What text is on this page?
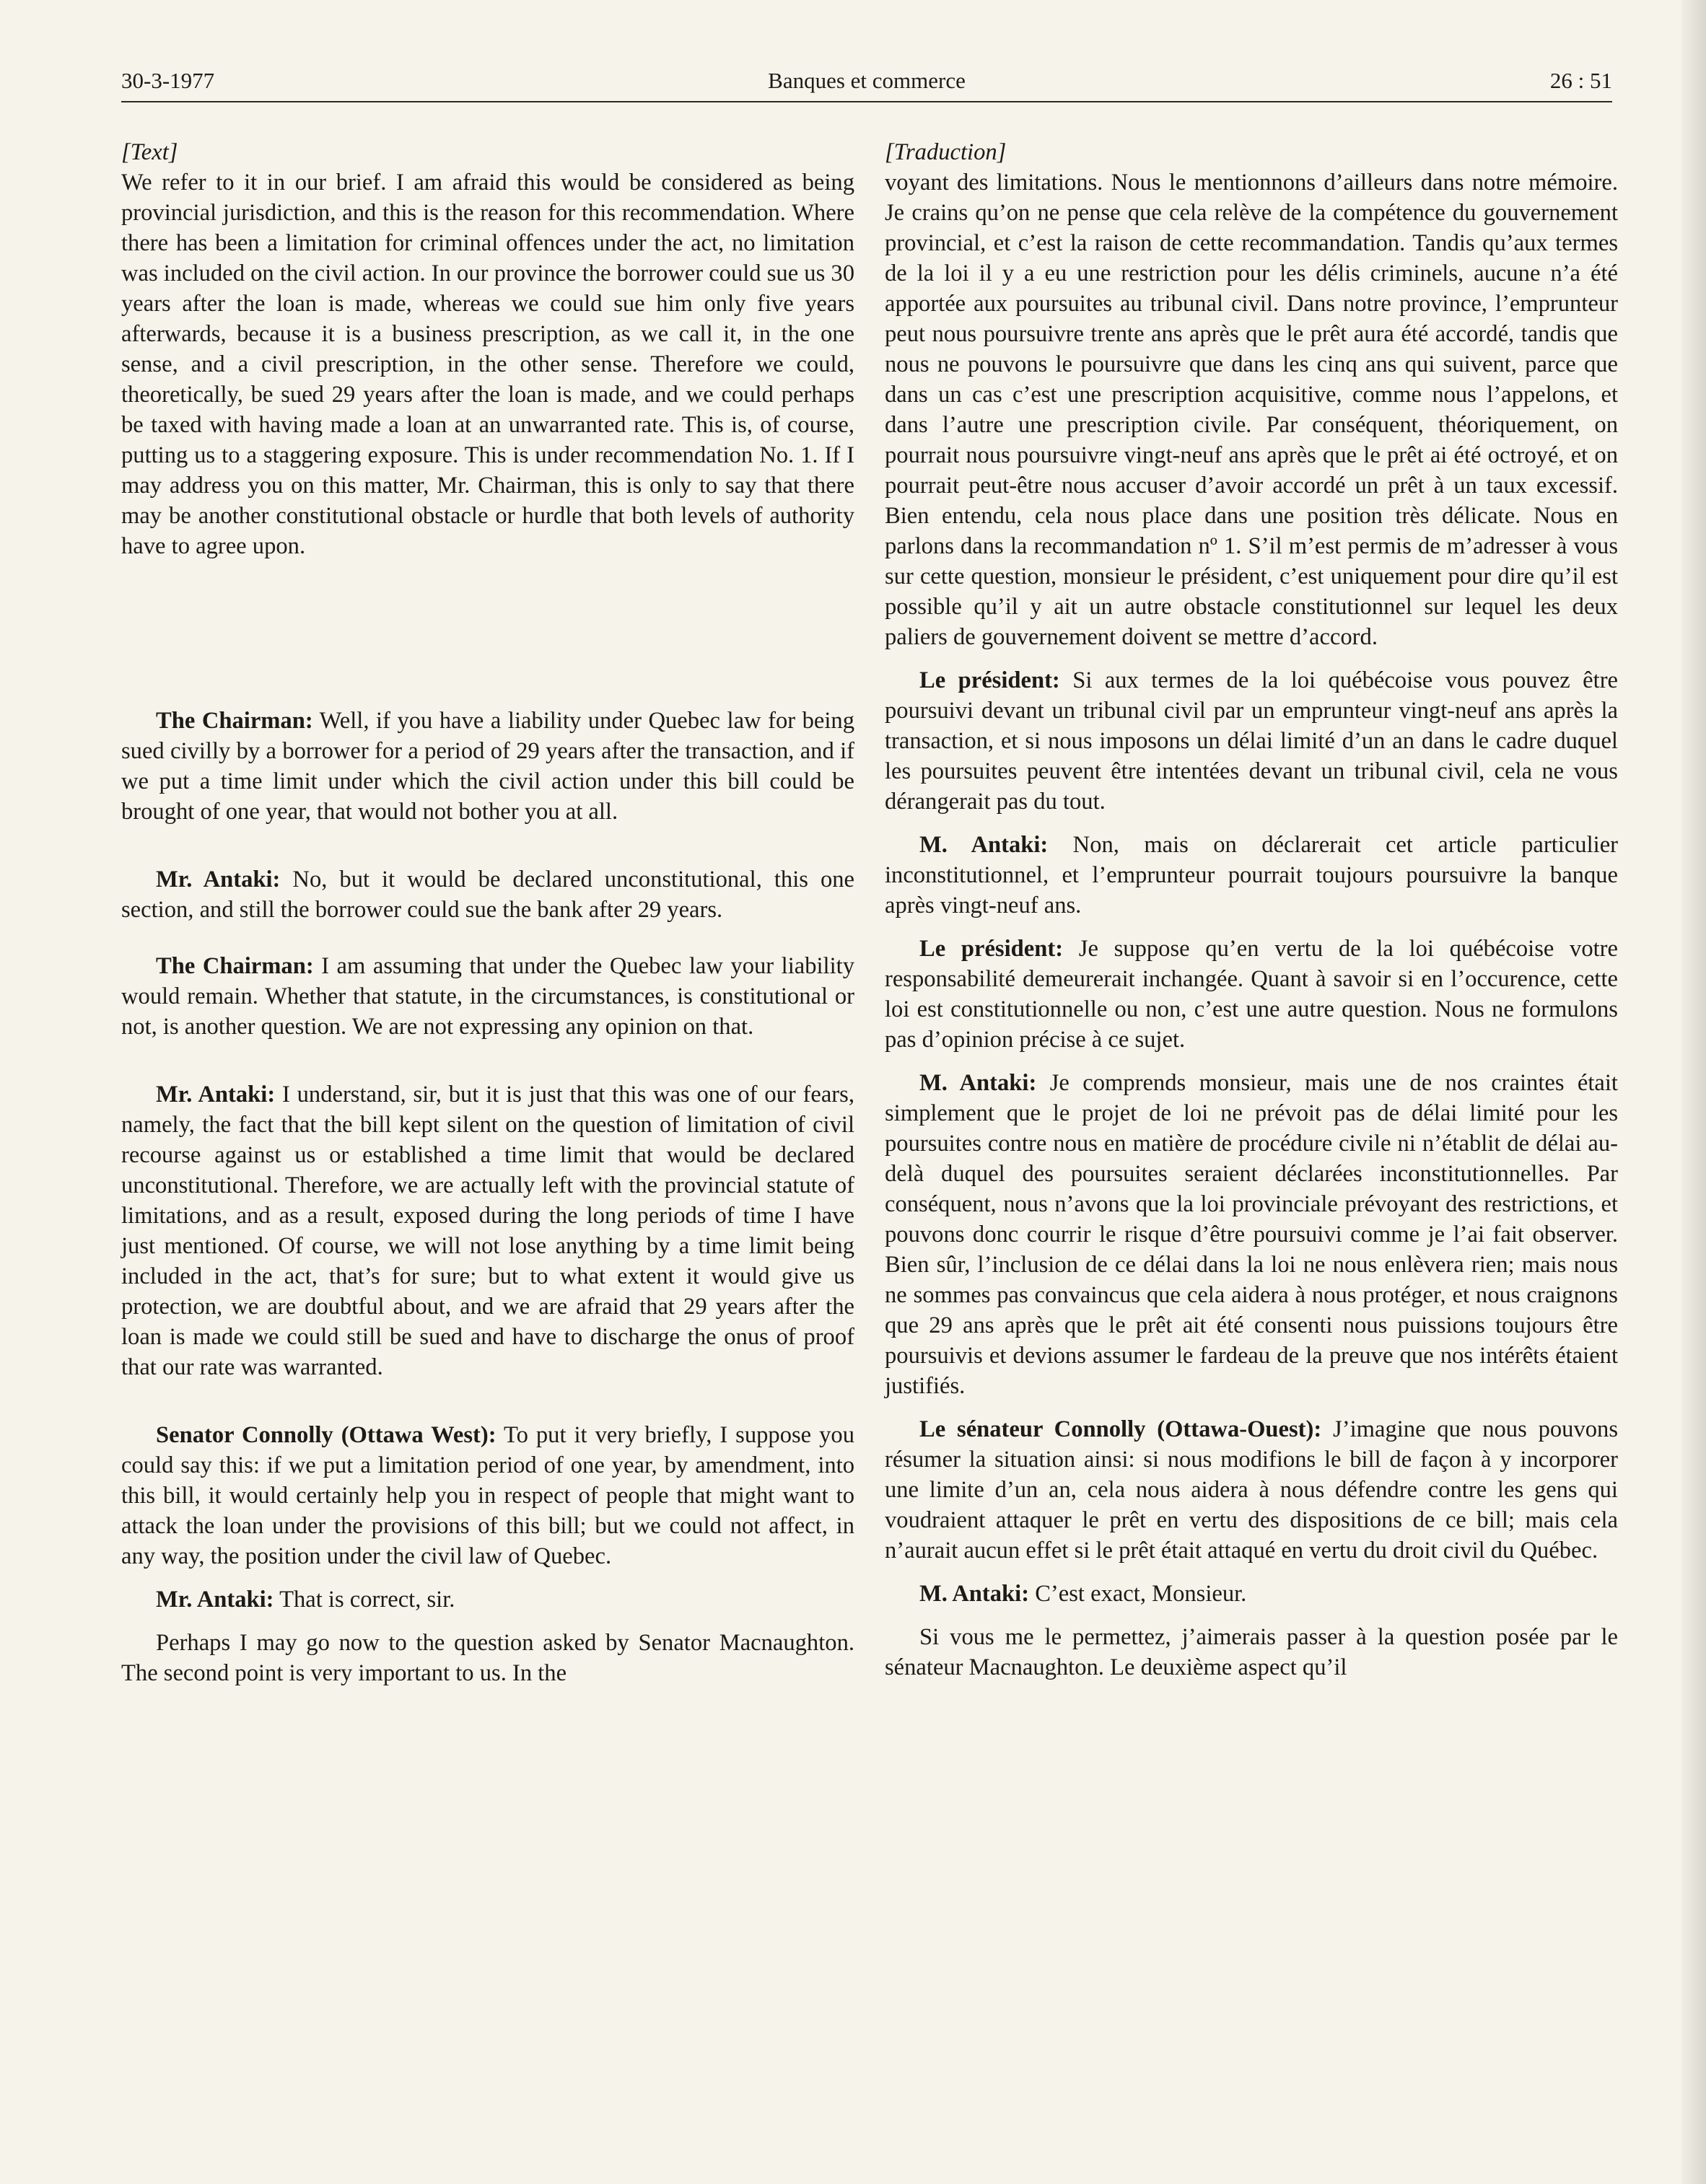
30-3-1977	Banques et commerce	26 : 51

[Text]

We refer to it in our brief. I am afraid this would be considered as being provincial jurisdiction, and this is the reason for this recommendation. Where there has been a limitation for criminal offences under the act, no limitation was included on the civil action. In our province the borrower could sue us 30 years after the loan is made, whereas we could sue him only five years afterwards, because it is a business prescription, as we call it, in the one sense, and a civil prescription, in the other sense. Therefore we could, theoretically, be sued 29 years after the loan is made, and we could perhaps be taxed with having made a loan at an unwarranted rate. This is, of course, putting us to a staggering exposure. This is under recommendation No. 1. If I may address you on this matter, Mr. Chairman, this is only to say that there may be another constitutional obstacle or hurdle that both levels of authority have to agree upon.

The Chairman: Well, if you have a liability under Quebec law for being sued civilly by a borrower for a period of 29 years after the transaction, and if we put a time limit under which the civil action under this bill could be brought of one year, that would not bother you at all.

Mr. Antaki: No, but it would be declared unconstitutional, this one section, and still the borrower could sue the bank after 29 years.

The Chairman: I am assuming that under the Quebec law your liability would remain. Whether that statute, in the circumstances, is constitutional or not, is another question. We are not expressing any opinion on that.

Mr. Antaki: I understand, sir, but it is just that this was one of our fears, namely, the fact that the bill kept silent on the question of limitation of civil recourse against us or established a time limit that would be declared unconstitutional. Therefore, we are actually left with the provincial statute of limitations, and as a result, exposed during the long periods of time I have just mentioned. Of course, we will not lose anything by a time limit being included in the act, that’s for sure; but to what extent it would give us protection, we are doubtful about, and we are afraid that 29 years after the loan is made we could still be sued and have to discharge the onus of proof that our rate was warranted.

Senator Connolly (Ottawa West): To put it very briefly, I suppose you could say this: if we put a limitation period of one year, by amendment, into this bill, it would certainly help you in respect of people that might want to attack the loan under the provisions of this bill; but we could not affect, in any way, the position under the civil law of Quebec.

Mr. Antaki: That is correct, sir.

Perhaps I may go now to the question asked by Senator Macnaughton. The second point is very important to us. In the

[Traduction]

voyant des limitations. Nous le mentionnons d’ailleurs dans notre mémoire. Je crains qu’on ne pense que cela relève de la compétence du gouvernement provincial, et c’est la raison de cette recommandation. Tandis qu’aux termes de la loi il y a eu une restriction pour les délis criminels, aucune n’a été apportée aux poursuites au tribunal civil. Dans notre province, l’emprunteur peut nous poursuivre trente ans après que le prêt aura été accordé, tandis que nous ne pouvons le poursuivre que dans les cinq ans qui suivent, parce que dans un cas c’est une prescription acquisitive, comme nous l’appelons, et dans l’autre une prescription civile. Par conséquent, théoriquement, on pourrait nous poursuivre vingt-neuf ans après que le prêt ai été octroyé, et on pourrait peut-être nous accuser d’avoir accordé un prêt à un taux excessif. Bien entendu, cela nous place dans une position très délicate. Nous en parlons dans la recommandation nº 1. S’il m’est permis de m’adresser à vous sur cette question, monsieur le président, c’est uniquement pour dire qu’il est possible qu’il y ait un autre obstacle constitutionnel sur lequel les deux paliers de gouvernement doivent se mettre d’accord.

Le président: Si aux termes de la loi québécoise vous pouvez être poursuivi devant un tribunal civil par un emprunteur vingt-neuf ans après la transaction, et si nous imposons un délai limité d’un an dans le cadre duquel les poursuites peuvent être intentées devant un tribunal civil, cela ne vous dérangerait pas du tout.

M. Antaki: Non, mais on déclarerait cet article particulier inconstitutionnel, et l’emprunteur pourrait toujours poursuivre la banque après vingt-neuf ans.

Le président: Je suppose qu’en vertu de la loi québécoise votre responsabilité demeurerait inchangée. Quant à savoir si en l’occurence, cette loi est constitutionnelle ou non, c’est une autre question. Nous ne formulons pas d’opinion précise à ce sujet.

M. Antaki: Je comprends monsieur, mais une de nos craintes était simplement que le projet de loi ne prévoit pas de délai limité pour les poursuites contre nous en matière de procédure civile ni n’établit de délai au-delà duquel des poursuites seraient déclarées inconstitutionnelles. Par conséquent, nous n’avons que la loi provinciale prévoyant des restrictions, et pouvons donc courrir le risque d’être poursuivi comme je l’ai fait observer. Bien sûr, l’inclusion de ce délai dans la loi ne nous enlèvera rien; mais nous ne sommes pas convaincus que cela aidera à nous protéger, et nous craignons que 29 ans après que le prêt ait été consenti nous puissions toujours être poursuivis et devions assumer le fardeau de la preuve que nos intérêts étaient justifiés.

Le sénateur Connolly (Ottawa-Ouest): J’imagine que nous pouvons résumer la situation ainsi: si nous modifions le bill de façon à y incorporer une limite d’un an, cela nous aidera à nous défendre contre les gens qui voudraient attaquer le prêt en vertu des dispositions de ce bill; mais cela n’aurait aucun effet si le prêt était attaqué en vertu du droit civil du Québec.

M. Antaki: C’est exact, Monsieur.

Si vous me le permettez, j’aimerais passer à la question posée par le sénateur Macnaughton. Le deuxième aspect qu’il
